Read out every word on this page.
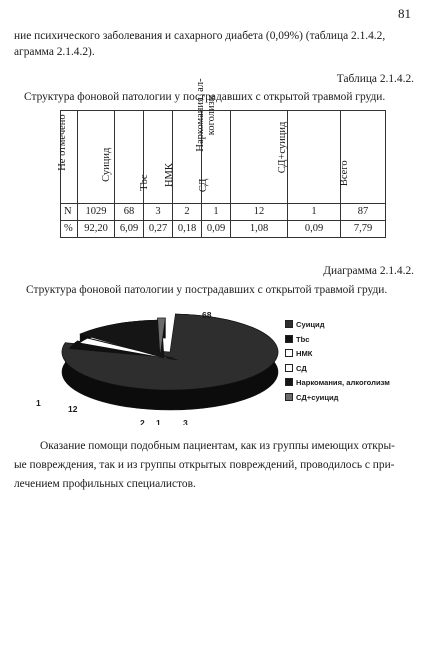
81
ние психического заболевания и сахарного диабета (0,09%) (таблица 2.1.4.2,
аграмма 2.1.4.2).
Таблица 2.1.4.2.
Структура фоновой патологии у пострадавших с открытой травмой груди.

	Не отмечено	Суицид	Tbc	НМК	СД	Наркомания, ал-коголизм	СД+суицид	Всего

N	1029	68	3	2	1	12	1	87
%	92,20	6,09	0,27	0,18	0,09	1,08	0,09	7,79
Диаграмма 2.1.4.2.
Структура фоновой патологии у пострадавших с открытой травмой груди.
68
3
2 1
12
1
Суицид
Tbc
НМК
СД
Наркомания, алкоголизм
СД+суицид
Оказание помощи подобным пациентам, как из группы имеющих откры-
ые повреждения, так и из группы открытых повреждений, проводилось с при-
лечением профильных специалистов.
